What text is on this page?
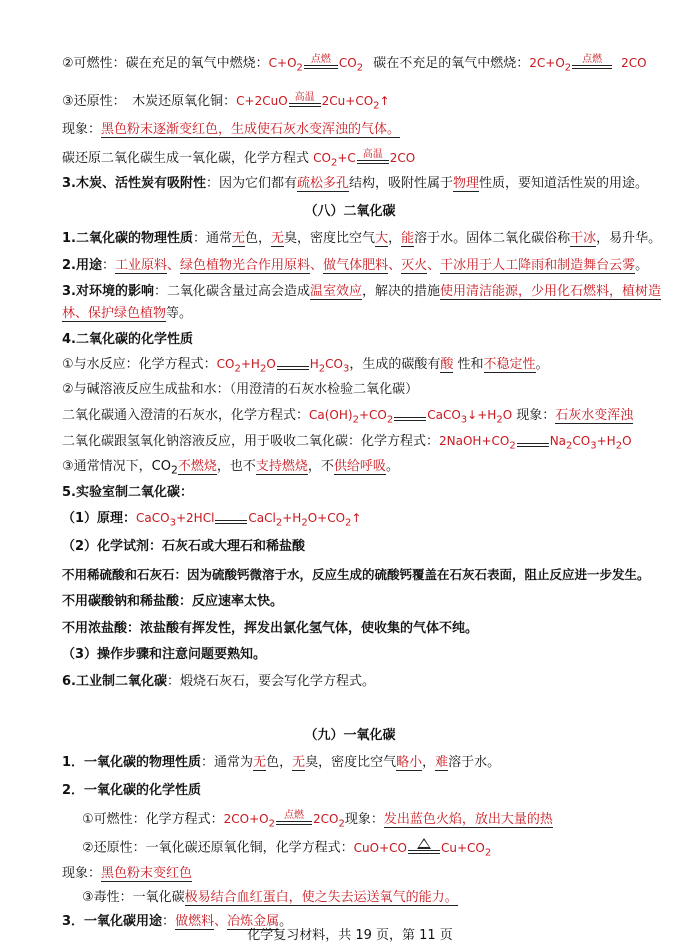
②可燃性：碳在充足的氧气中燃烧：$C+O_2$
点燃 $CO_2$ 碳在不充足的氧气中燃烧：$2C+O_2$
点燃	2CO
③还原性：　木炭还原氧化铜：C+2CuO 高温 $2Cu+CO_2↑$
现象：黑色粉末逐渐变红色，生成使石灰水变浑浊的气体。
碳还原二氧化碳生成一氧化碳，化学方程式 $CO_2+C$ 高温 2CO
3.木炭、活性炭有吸附性：因为它们都有疏松多孔结构，吸附性属于物理性质，要知道活性炭的用途。
（八）二氧化碳
1.二氧化碳的物理性质：通常无色，无臭，密度比空气大，能溶于水。固体二氧化碳俗称干冰，易升华。
2.用途：工业原料、绿色植物光合作用原料、做气体肥料、灭火、干冰用于人工降雨和制造舞台云雾。
3.对环境的影响：二氧化碳含量过高会造成温室效应，解决的措施使用清洁能源，少用化石燃料，植树造
林、保护绿色植物等。
4.二氧化碳的化学性质
①与水反应：化学方程式：$CO_2+H_2O$	$H_2CO_3$，生成的碳酸有酸 性和不稳定性。
②与碱溶液反应生成盐和水：（用澄清的石灰水检验二氧化碳）
二氧化碳通入澄清的石灰水，化学方程式：$Ca(OH)_2+CO_2$	$CaCO_3↓+H_2O$ 现象：石灰水变浑浊
二氧化碳跟氢氧化钠溶液反应，用于吸收二氧化碳：化学方程式：$2NaOH+CO_2$	$Na_2CO_3+H_2O$
③通常情况下，$CO_2$不燃烧，也不支持燃烧，不供给呼吸。
5.实验室制二氧化碳：
（1）原理：CaCO$_3$+2HCl	$CaCl_2+H_2O+CO_2↑$
（2）化学试剂：石灰石或大理石和稀盐酸
不用稀硫酸和石灰石：因为硫酸钙微溶于水，反应生成的硫酸钙覆盖在石灰石表面，阻止反应进一步发生。
不用碳酸钠和稀盐酸：反应速率太快。
不用浓盐酸：浓盐酸有挥发性，挥发出氯化氢气体，使收集的气体不纯。
（3）操作步骤和注意问题要熟知。
6.工业制二氧化碳：煅烧石灰石，要会写化学方程式。
（九）一氧化碳
1．一氧化碳的物理性质：通常为无色，无臭，密度比空气略小，难溶于水。
2．一氧化碳的化学性质
①可燃性：化学方程式：$2CO+O_2$
点燃 $2CO_2$现象：发出蓝色火焰，放出大量的热
②还原性：一氧化碳还原氧化铜，化学方程式：CuO+CO	$Cu+CO_2$
现象：黑色粉末变红色
③毒性：一氧化碳极易结合血红蛋白，使之失去运送氧气的能力。
3．一氧化碳用途：做燃料、冶炼金属。
化学复习材料，共 19 页，第 11 页
